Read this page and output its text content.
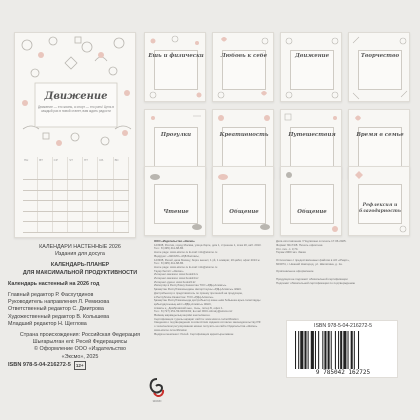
Движение
Движение — это жизнь, а спорт — это рать! Цель в каждый раз в новой станет, вам ждать радости
ПН	ВТ	СР	ЧТ	ПТ	СБ	ВС

Ешь и физически	Любовь к себе	Движение	Творчество
Прогулки	Креативность	Путешествия	Время в семье
Чтение	Общение	Общение
Рефлексия и благодарность
КАЛЕНДАРИ НАСТЕННЫЕ 2026
Издания для досуга
КАЛЕНДАРЬ-ПЛАНЕР
ДЛЯ МАКСИМАЛЬНОЙ ПРОДУКТИВНОСТИ
Календарь настенный на 2026 год
Главный редактор Р. Фасхутдинов
Руководитель направления Л. Ремизова
Ответственный редактор С. Дмитрова
Художественный редактор В. Колышева
Младший редактор Н. Щеглова
Страна происхождения: Российская Федерация
Шығарылған елі: Ресей Федерациясы
© Оформление ООО «Издательство
«Эксмо», 2025
ISBN 978-5-04-216272-5	12+
ООО «Издательство «Эксмо»
123308, Россия, город Москва, улица Зорге, дом 1, строение 1, этаж 20, каб. 2013.
Тел.: 8 (495) 411-68-86.
Home page: www.eksmo.ru E-mail: info@eksmo.ru
Өндіруші: «ЭКСМО» АҚБ Баспасы,
123308, Ресей, қала Мәскеу, Зорге көшесі, 1 үй, 1 ғимарат, 20 қабат, офис 2013 ж.
Тел.: 8 (495) 411-68-86.
Home page: www.eksmo.ru E-mail: info@eksmo.ru
Тауар белгісі: «Эксмо»
Интернет-магазин: www.book24.ru
Интернет-магазин: www.book24.kz
Интернет-дүкен: www.book24.kz
Импортёр в Республику Казахстан ТОО «РДЦ-Алматы».
Қазақстан Республикасындағы импорттаушы «РДЦ-Алматы» ЖШС.
Дистрибьютор и представитель по приему претензий на продукцию,
в Республике Казахстан: ТОО «РДЦ-Алматы»
Қазақстан Республикасында дистрибьютор және өнім бойынша арыз-талаптарды
қабылдаушының өкілі «РДЦ-Алматы» ЖШС,
Алматы қ., Домбровский көш., 3«а», литер Б, офис 1.
Тел.: 8 (727) 251-59-90/91/92; E-mail: RDC-Almaty@eksmo.kz
Өнімнің жарамдылық мерзімі шектелмеген.
Сертификация туралы ақпарат сайтта: www.eksmo.ru/certification
Сведения о подтверждении соответствия издания согласно законодательству РФ
о техническом регулировании можно получить на сайте Издательства «Эксмо»
www.eksmo.ru/certification
Өндірген мемлекет: Ресей. Сертификация қарастырылмаған
ЭКСМО
Дата изготовления / Подписано в печать 17.06.2025.
Формат 60х74/8. Печать офсетная.
Усл. печ. л. 3,74.
Тираж 2000 экз. Заказ

Отпечатано с предоставленных файлов в АО «Рэарт»,
603074, г. Нижний Новгород, ул. Шаляпина, д. 1а.

Оригинальное оформление

Продукция не подлежит обязательной сертификации
Подлежит обязательной сертификации по подтверждению
ISBN 978-5-04-216272-5
9 785042 162725
